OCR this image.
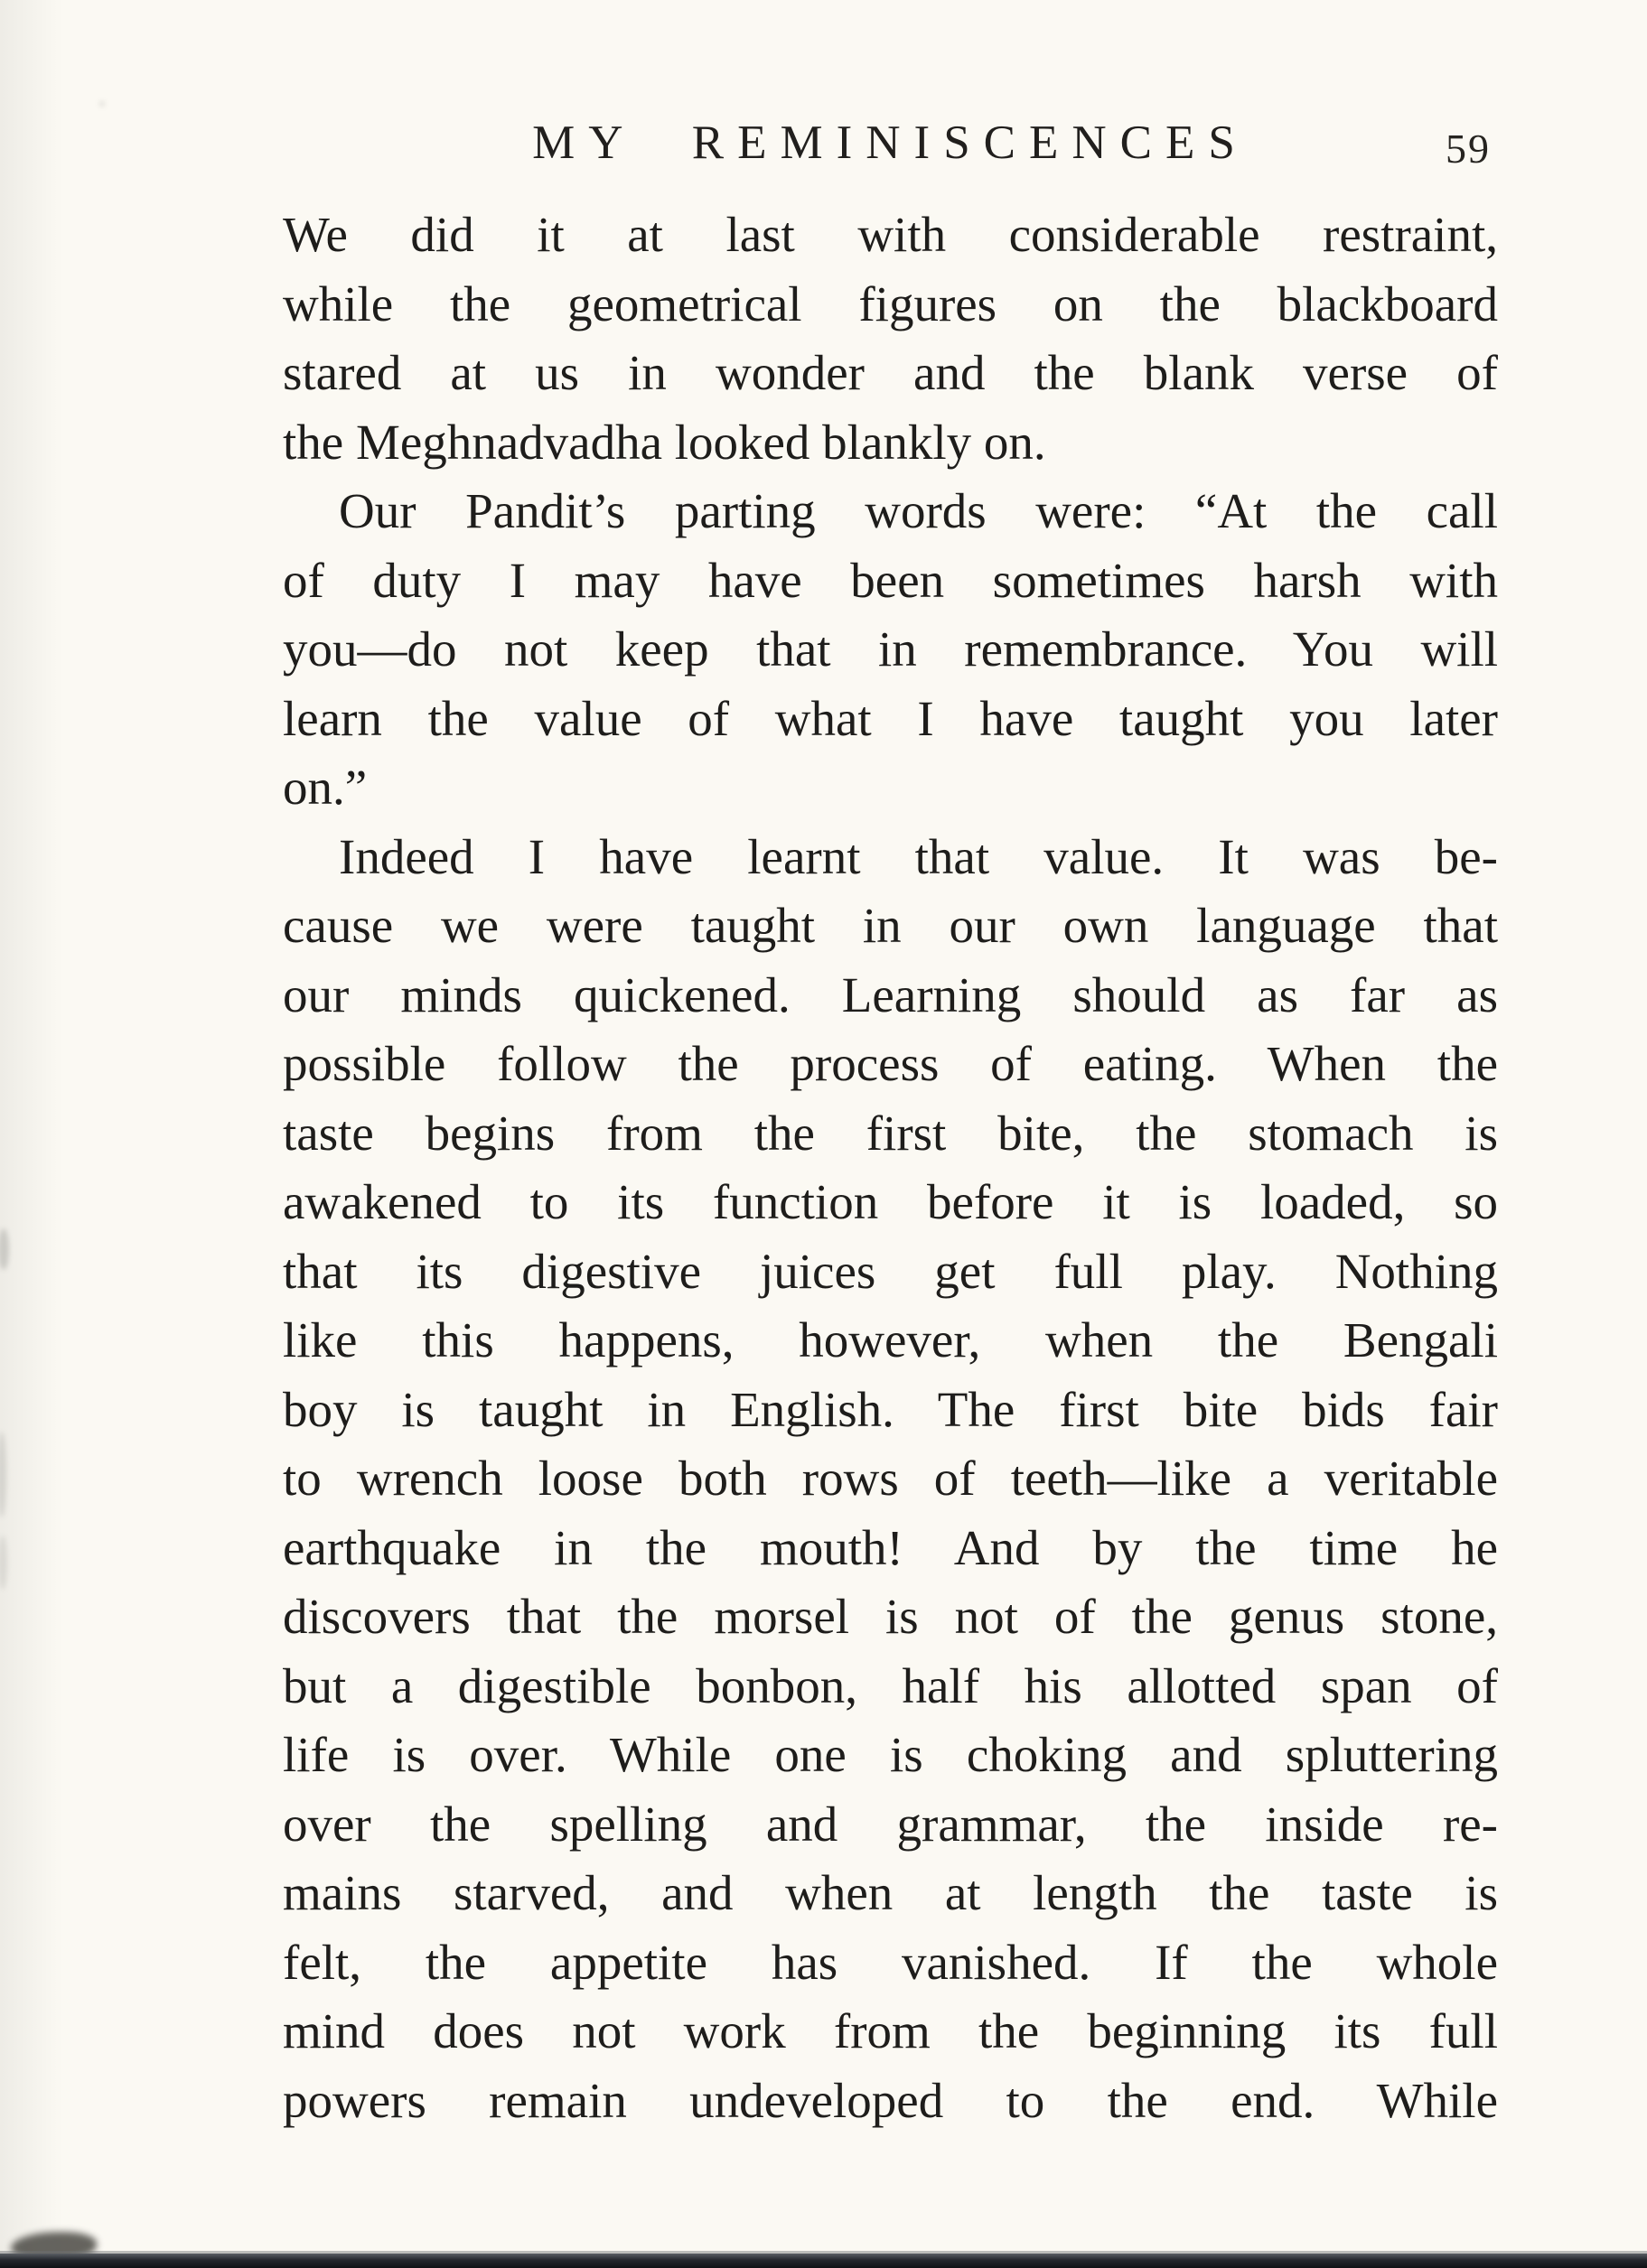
MY REMINISCENCES	59
We did it at last with considerable restraint,
while the geometrical figures on the blackboard
stared at us in wonder and the blank verse of
the Meghnadvadha looked blankly on.
Our Pandit’s parting words were: “At the call
of duty I may have been sometimes harsh with
you—do not keep that in remembrance. You will
learn the value of what I have taught you later
on.”
Indeed I have learnt that value. It was be-
cause we were taught in our own language that
our minds quickened. Learning should as far as
possible follow the process of eating. When the
taste begins from the first bite, the stomach is
awakened to its function before it is loaded, so
that its digestive juices get full play. Nothing
like this happens, however, when the Bengali
boy is taught in English. The first bite bids fair
to wrench loose both rows of teeth—like a veritable
earthquake in the mouth! And by the time he
discovers that the morsel is not of the genus stone,
but a digestible bonbon, half his allotted span of
life is over. While one is choking and spluttering
over the spelling and grammar, the inside re-
mains starved, and when at length the taste is
felt, the appetite has vanished. If the whole
mind does not work from the beginning its full
powers remain undeveloped to the end. While
